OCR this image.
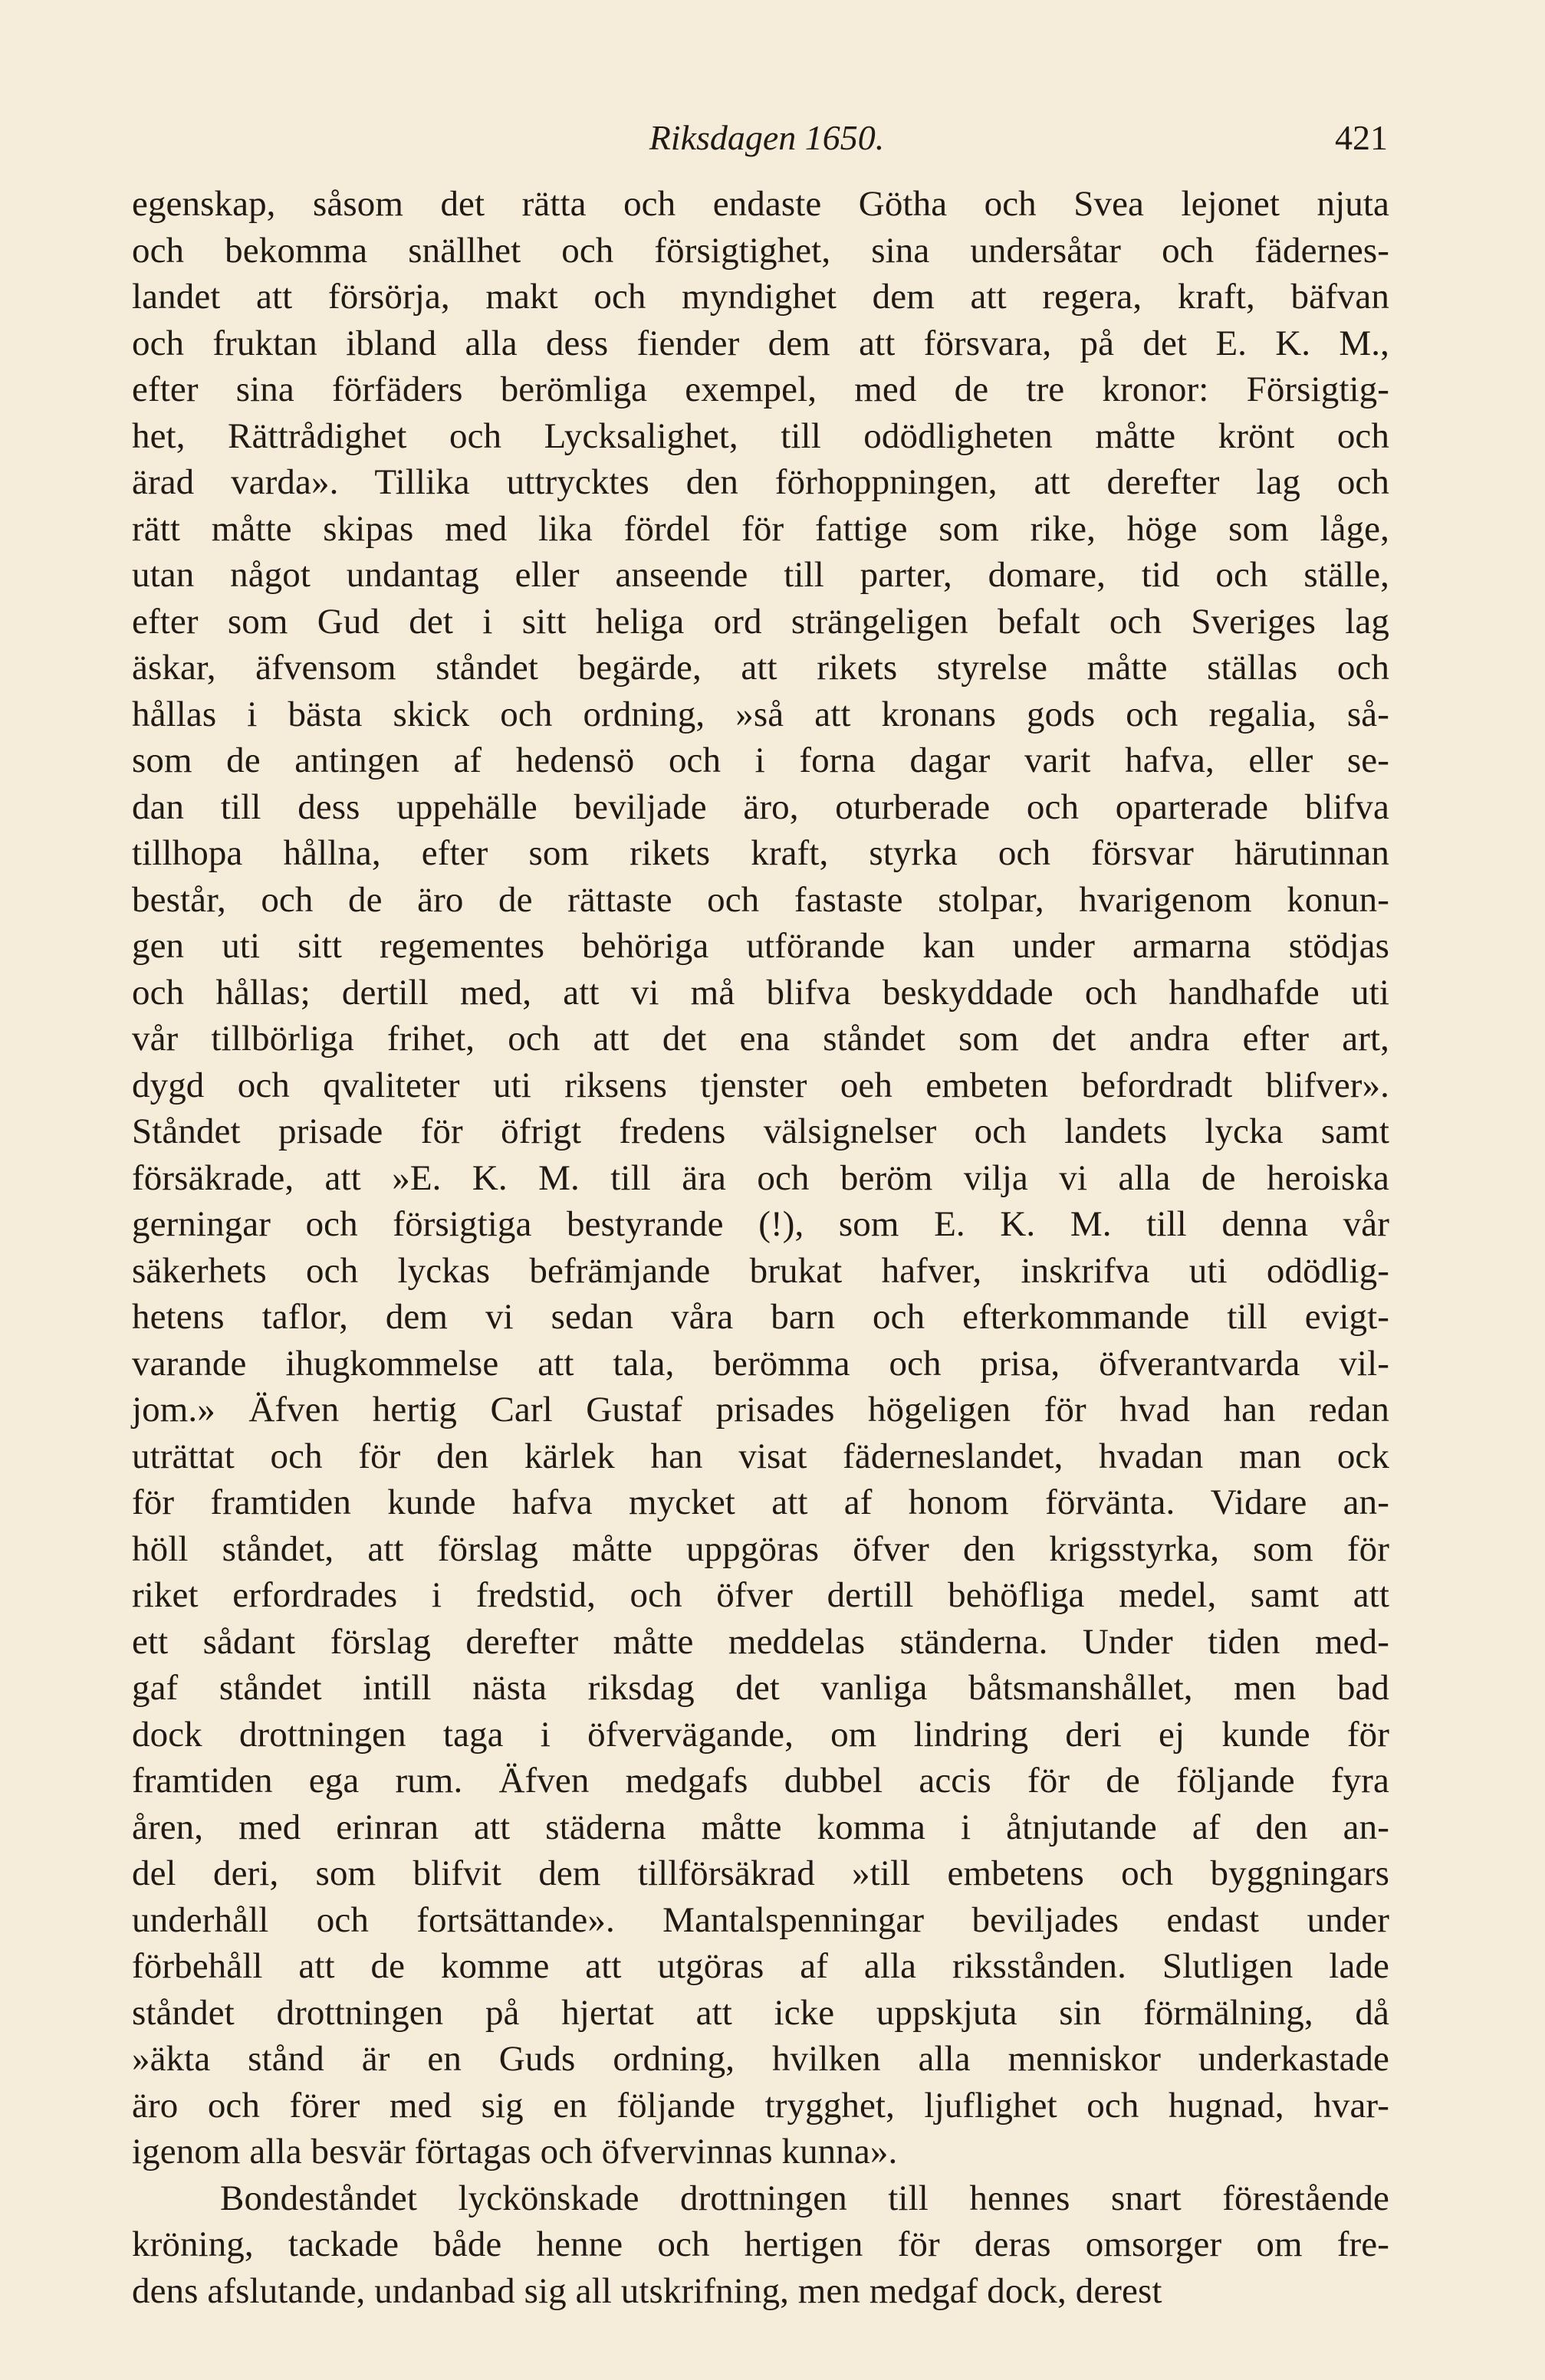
Riksdagen 1650.	421
egenskap, såsom det rätta och endaste Götha och Svea lejonet njuta
och bekomma snällhet och försigtighet, sina undersåtar och fädernes-
landet att försörja, makt och myndighet dem att regera, kraft, bäfvan
och fruktan ibland alla dess fiender dem att försvara, på det E. K. M.,
efter sina förfäders berömliga exempel, med de tre kronor: Försigtig-
het, Rättrådighet och Lycksalighet, till odödligheten måtte krönt och
ärad varda». Tillika uttrycktes den förhoppningen, att derefter lag och
rätt måtte skipas med lika fördel för fattige som rike, höge som låge,
utan något undantag eller anseende till parter, domare, tid och ställe,
efter som Gud det i sitt heliga ord strängeligen befalt och Sveriges lag
äskar, äfvensom ståndet begärde, att rikets styrelse måtte ställas och
hållas i bästa skick och ordning, »så att kronans gods och regalia, så-
som de antingen af hedensö och i forna dagar varit hafva, eller se-
dan till dess uppehälle beviljade äro, oturberade och oparterade blifva
tillhopa hållna, efter som rikets kraft, styrka och försvar härutinnan
består, och de äro de rättaste och fastaste stolpar, hvarigenom konun-
gen uti sitt regementes behöriga utförande kan under armarna stödjas
och hållas; dertill med, att vi må blifva beskyddade och handhafde uti
vår tillbörliga frihet, och att det ena ståndet som det andra efter art,
dygd och qvaliteter uti riksens tjenster oeh embeten befordradt blifver».
Ståndet prisade för öfrigt fredens välsignelser och landets lycka samt
försäkrade, att »E. K. M. till ära och beröm vilja vi alla de heroiska
gerningar och försigtiga bestyrande (!), som E. K. M. till denna vår
säkerhets och lyckas befrämjande brukat hafver, inskrifva uti odödlig-
hetens taflor, dem vi sedan våra barn och efterkommande till evigt-
varande ihugkommelse att tala, berömma och prisa, öfverantvarda vil-
jom.» Äfven hertig Carl Gustaf prisades högeligen för hvad han redan
uträttat och för den kärlek han visat fäderneslandet, hvadan man ock
för framtiden kunde hafva mycket att af honom förvänta. Vidare an-
höll ståndet, att förslag måtte uppgöras öfver den krigsstyrka, som för
riket erfordrades i fredstid, och öfver dertill behöfliga medel, samt att
ett sådant förslag derefter måtte meddelas ständerna. Under tiden med-
gaf ståndet intill nästa riksdag det vanliga båtsmanshållet, men bad
dock drottningen taga i öfvervägande, om lindring deri ej kunde för
framtiden ega rum. Äfven medgafs dubbel accis för de följande fyra
åren, med erinran att städerna måtte komma i åtnjutande af den an-
del deri, som blifvit dem tillförsäkrad »till embetens och byggningars
underhåll och fortsättande». Mantalspenningar beviljades endast under
förbehåll att de komme att utgöras af alla riksstånden. Slutligen lade
ståndet drottningen på hjertat att icke uppskjuta sin förmälning, då
»äkta stånd är en Guds ordning, hvilken alla menniskor underkastade
äro och förer med sig en följande trygghet, ljuflighet och hugnad, hvar-
igenom alla besvär förtagas och öfvervinnas kunna».
Bondeståndet lyckönskade drottningen till hennes snart förestående
kröning, tackade både henne och hertigen för deras omsorger om fre-
dens afslutande, undanbad sig all utskrifning, men medgaf dock, derest
